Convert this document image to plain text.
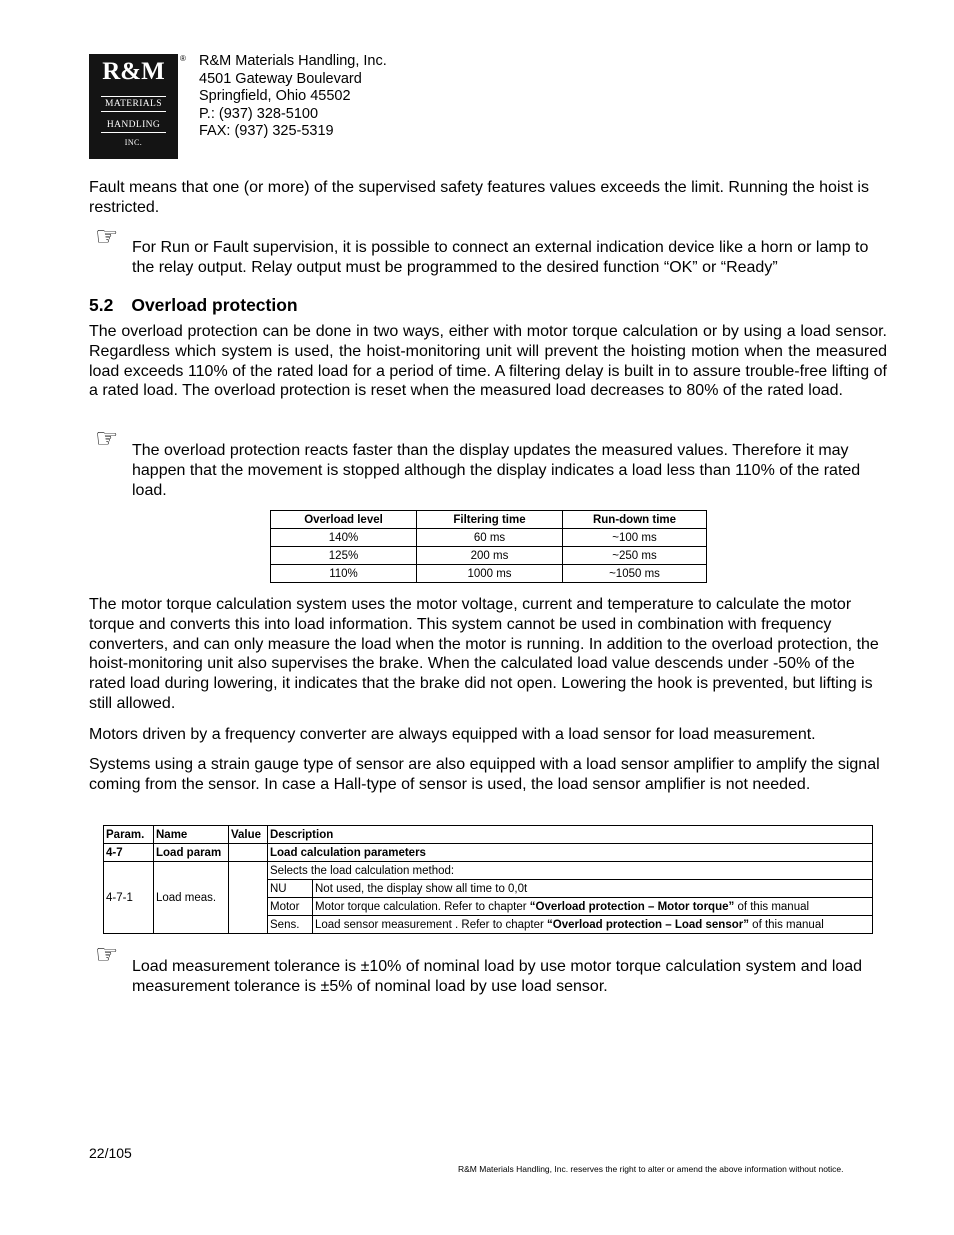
R&M
MATERIALS
HANDLING
INC.
® R&M Materials Handling, Inc.
4501 Gateway Boulevard
Springfield, Ohio 45502
P.: (937) 328-5100
FAX: (937) 325-5319
Fault means that one (or more) of the supervised safety features values exceeds the limit. Running the hoist is restricted.
☞ For Run or Fault supervision, it is possible to connect an external indication device like a horn or lamp to the relay output. Relay output must be programmed to the desired function “OK” or “Ready”
5.2 Overload protection
The overload protection can be done in two ways, either with motor torque calculation or by using a load sensor. Regardless which system is used, the hoist-monitoring unit will prevent the hoisting motion when the measured load exceeds 110% of the rated load for a period of time. A filtering delay is built in to assure trouble-free lifting of a rated load. The overload protection is reset when the measured load decreases to 80% of the rated load.
☞ The overload protection reacts faster than the display updates the measured values. Therefore it may happen that the movement is stopped although the display indicates a load less than 110% of the rated load.
Overload level	Filtering time	Run-down time
140%	60 ms	~100 ms
125%	200 ms	~250 ms
110%	1000 ms	~1050 ms
The motor torque calculation system uses the motor voltage, current and temperature to calculate the motor torque and converts this into load information. This system cannot be used in combination with frequency converters, and can only measure the load when the motor is running. In addition to the overload protection, the hoist-monitoring unit also supervises the brake. When the calculated load value descends under -50% of the rated load during lowering, it indicates that the brake did not open. Lowering the hook is prevented, but lifting is still allowed.
Motors driven by a frequency converter are always equipped with a load sensor for load measurement.
Systems using a strain gauge type of sensor are also equipped with a load sensor amplifier to amplify the signal coming from the sensor. In case a Hall-type of sensor is used, the load sensor amplifier is not needed.
Param.	Name	Value	Description	
4-7	Load param		Load calculation parameters	
4-7-1	Load meas.		Selects the load calculation method:	
			NU	Not used, the display show all time to 0,0t
			Motor	Motor torque calculation. Refer to chapter “Overload protection – Motor torque” of this manual
			Sens.	Load sensor measurement . Refer to chapter “Overload protection – Load sensor” of this manual
☞ Load measurement tolerance is ±10% of nominal load by use motor torque calculation system and load measurement tolerance is ±5% of nominal load by use load sensor.
22/105
R&M Materials Handling, Inc. reserves the right to alter or amend the above information without notice.
